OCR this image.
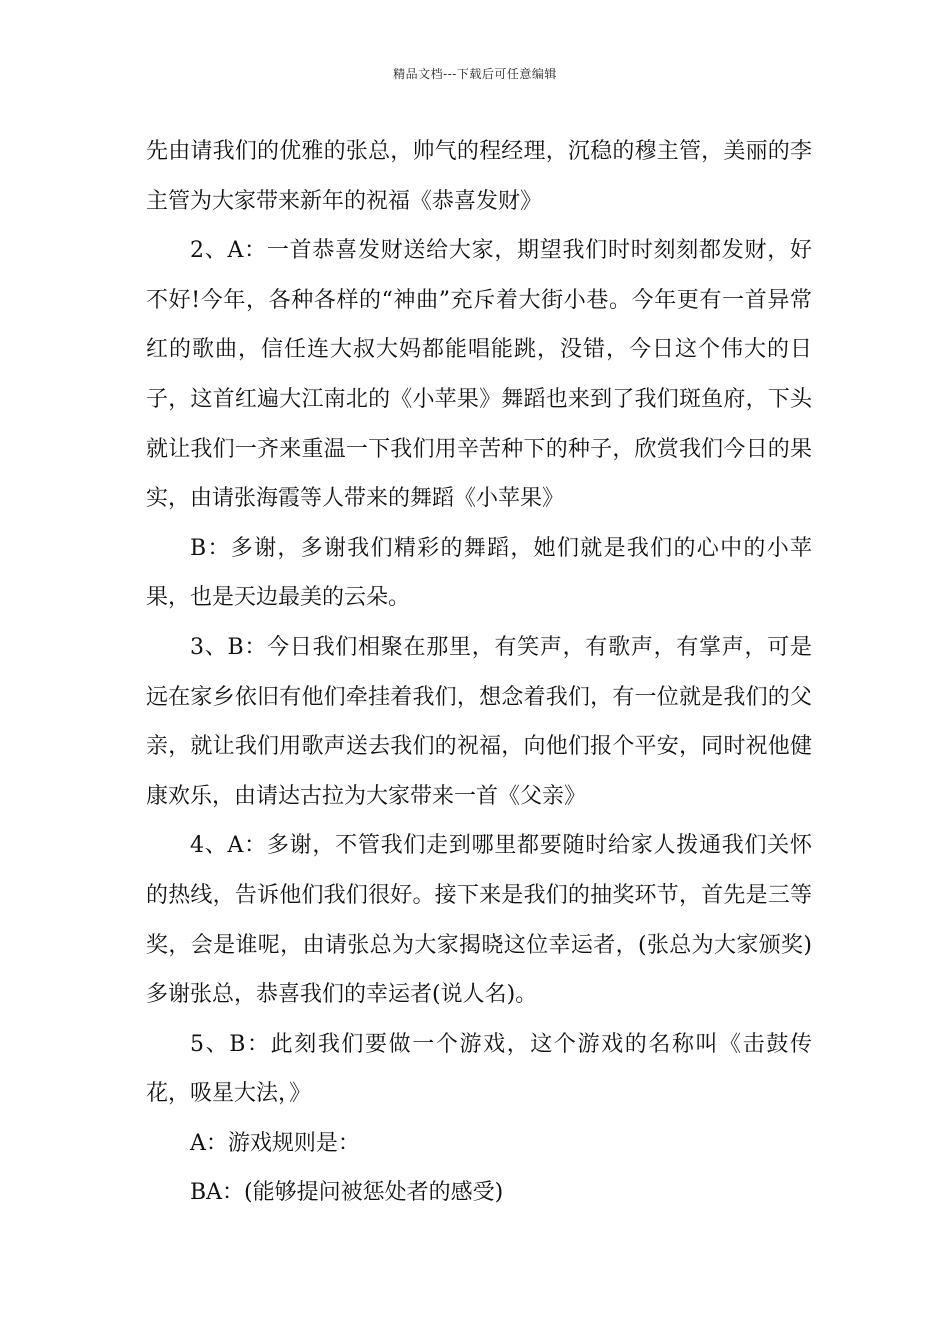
精品文档---下载后可任意编辑

先由请我们的优雅的张总，帅气的程经理，沉稳的穆主管，美丽的李主管为大家带来新年的祝福《恭喜发财》

2、A：一首恭喜发财送给大家，期望我们时时刻刻都发财，好不好!今年，各种各样的“神曲”充斥着大街小巷。今年更有一首异常红的歌曲，信任连大叔大妈都能唱能跳，没错，今日这个伟大的日子，这首红遍大江南北的《小苹果》舞蹈也来到了我们斑鱼府，下头就让我们一齐来重温一下我们用辛苦种下的种子，欣赏我们今日的果实，由请张海霞等人带来的舞蹈《小苹果》

B：多谢，多谢我们精彩的舞蹈，她们就是我们的心中的小苹果，也是天边最美的云朵。

3、B：今日我们相聚在那里，有笑声，有歌声，有掌声，可是远在家乡依旧有他们牵挂着我们，想念着我们，有一位就是我们的父亲，就让我们用歌声送去我们的祝福，向他们报个平安，同时祝他健康欢乐，由请达古拉为大家带来一首《父亲》

4、A：多谢，不管我们走到哪里都要随时给家人拨通我们关怀的热线，告诉他们我们很好。接下来是我们的抽奖环节，首先是三等奖，会是谁呢，由请张总为大家揭晓这位幸运者，(张总为大家颁奖)多谢张总，恭喜我们的幸运者(说人名)。

5、B：此刻我们要做一个游戏，这个游戏的名称叫《击鼓传花，吸星大法，》

A：游戏规则是：

BA：(能够提问被惩处者的感受)
